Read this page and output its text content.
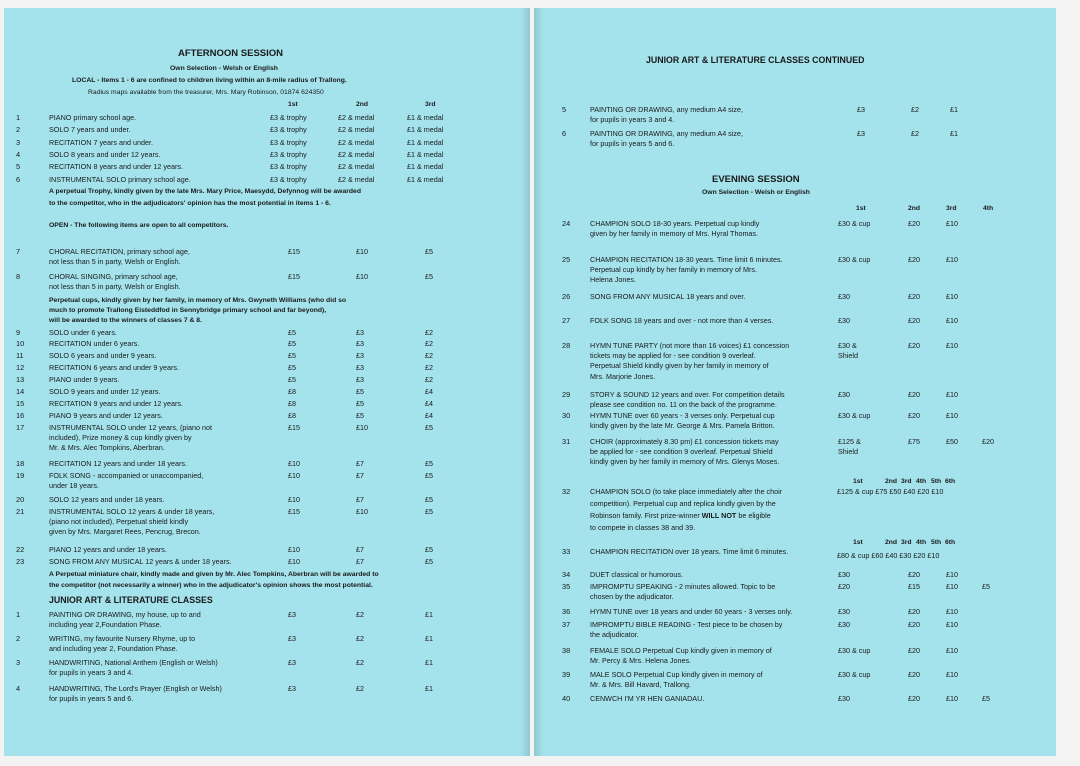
AFTERNOON SESSION
Own Selection - Welsh or English
LOCAL - Items 1 - 6 are confined to children living within an 8-mile radius of Trallong.
Radius maps available from the treasurer, Mrs. Mary Robinson, 01874 624350
1st	2nd	3rd
1	PIANO primary school age.	£3 & trophy	£2 & medal	£1 & medal
2	SOLO 7 years and under.	£3 & trophy	£2 & medal	£1 & medal
3	RECITATION 7 years and under.	£3 & trophy	£2 & medal	£1 & medal
4	SOLO 8 years and under 12 years.	£3 & trophy	£2 & medal	£1 & medal
5	RECITATION 8 years and under 12 years.	£3 & trophy	£2 & medal	£1 & medal
6	INSTRUMENTAL SOLO primary school age.	£3 & trophy	£2 & medal	£1 & medal
A perpetual Trophy, kindly given by the late Mrs. Mary Price, Maesydd, Defynnog will be awarded
to the competitor, who in the adjudicators' opinion has the most potential in items 1 - 6.
OPEN - The following items are open to all competitors.
7	CHORAL RECITATION, primary school age,
not less than 5 in party, Welsh or English.
£15	£10	£5
8	CHORAL SINGING, primary school age,
not less than 5 in party, Welsh or English.
£15	£10	£5
Perpetual cups, kindly given by her family, in memory of Mrs. Gwyneth Williams (who did so
much to promote Trallong Eisteddfod in Sennybridge primary school and far beyond),
will be awarded to the winners of classes 7 & 8.
9	SOLO under 6 years.	£5	£3	£2
10	RECITATION under 6 years.	£5	£3	£2
11	SOLO 6 years and under 9 years.	£5	£3	£2
12	RECITATION 6 years and under 9 years.	£5	£3	£2
13	PIANO under 9 years.	£5	£3	£2
14	SOLO 9 years and under 12 years.	£8	£5	£4
15	RECITATION 9 years and under 12 years.	£8	£5	£4
16	PIANO 9 years and under 12 years.	£8	£5	£4
17	INSTRUMENTAL SOLO under 12 years, (piano not
included), Prize money & cup kindly given by
Mr. & Mrs. Alec Tompkins, Aberbran.
£15	£10	£5
18	RECITATION 12 years and under 18 years.	£10	£7	£5
19	FOLK SONG - accompanied or unaccompanied,
under 18 years.
£10	£7	£5
20	SOLO 12 years and under 18 years.	£10	£7	£5
21	INSTRUMENTAL SOLO 12 years & under 18 years,
(piano not included), Perpetual shield kindly
given by Mrs. Margaret Rees, Pencrug, Brecon.
£15	£10	£5
22	PIANO 12 years and under 18 years.	£10	£7	£5
23	SONG FROM ANY MUSICAL 12 years & under 18 years.	£10	£7	£5
A Perpetual miniature chair, kindly made and given by Mr. Alec Tompkins, Aberbran will be awarded to
the competitor (not necessarily a winner) who in the adjudicator's opinion shows the most potential.
JUNIOR ART & LITERATURE CLASSES
1	PAINTING OR DRAWING, my house, up to and
including year 2,Foundation Phase.
£3	£2	£1
2	WRITING, my favourite Nursery Rhyme, up to
and including year 2, Foundation Phase.
£3	£2	£1
3	HANDWRITING, National Anthem (English or Welsh)
for pupils in years 3 and 4.
£3	£2	£1
4	HANDWRITING, The Lord's Prayer (English or Welsh)
for pupils in years 5 and 6.
£3	£2	£1
JUNIOR ART & LITERATURE CLASSES CONTINUED
5	PAINTING OR DRAWING, any medium A4 size,
for pupils in years 3 and 4.
£3	£2	£1
6	PAINTING OR DRAWING, any medium A4 size,
for pupils in years 5 and 6.
£3	£2	£1
EVENING SESSION
Own Selection - Welsh or English
1st	2nd	3rd	4th
24	CHAMPION SOLO 18-30 years. Perpetual cup kindly
given by her family in memory of Mrs. Hyral Thomas.
£30 & cup	£20	£10
25	CHAMPION RECITATION 18-30 years. Time limit 6 minutes.
Perpetual cup kindly by her family in memory of Mrs.
Helena Jones.
£30 & cup	£20	£10
26	SONG FROM ANY MUSICAL 18 years and over.	£30	£20	£10
27	FOLK SONG 18 years and over - not more than 4 verses.	£30	£20	£10
28	HYMN TUNE PARTY (not more than 16 voices) £1 concession
tickets may be applied for - see condition 9 overleaf.
Perpetual Shield kindly given by her family in memory of
Mrs. Marjorie Jones.
£30 &
Shield
£20	£10
29	STORY & SOUND 12 years and over. For competition details
please see condition no. 11 on the back of the programme.
£30	£20	£10
30	HYMN TUNE over 60 years - 3 verses only. Perpetual cup
kindly given by the late Mr. George & Mrs. Pamela Britton.
£30 & cup	£20	£10
31	CHOIR (approximately 8.30 pm) £1 concession tickets may
be applied for - see condition 9 overleaf. Perpetual Shield
kindly given by her family in memory of Mrs. Glenys Moses.
£125 &
Shield
£75	£50	£20
1st	2nd 3rd 4th 5th 6th
32	CHAMPION SOLO (to take place immediately after the choir
competition). Perpetual cup and replica kindly given by the
Robinson family. First prize-winner WILL NOT be eligible
to compete in classes 38 and 39.
£125 & cup £75 £50 £40 £20 £10
1st	2nd 3rd 4th 5th 6th
33	CHAMPION RECITATION over 18 years. Time limit 6 minutes.	£80 & cup £60 £40 £30 £20 £10
34	DUET classical or humorous.	£30	£20	£10
35	IMPROMPTU SPEAKING - 2 minutes allowed. Topic to be
chosen by the adjudicator.
£20	£15	£10	£5
36	HYMN TUNE over 18 years and under 60 years - 3 verses only.	£30	£20	£10
37	IMPROMPTU BIBLE READING - Test piece to be chosen by
the adjudicator.
£30	£20	£10
38	FEMALE SOLO Perpetual Cup kindly given in memory of
Mr. Percy & Mrs. Helena Jones.
£30 & cup	£20	£10
39	MALE SOLO Perpetual Cup kindly given in memory of
Mr. & Mrs. Bill Havard, Trallong.
£30 & cup	£20	£10
40	CENWCH I'M YR HEN GANIADAU.	£30	£20	£10	£5
